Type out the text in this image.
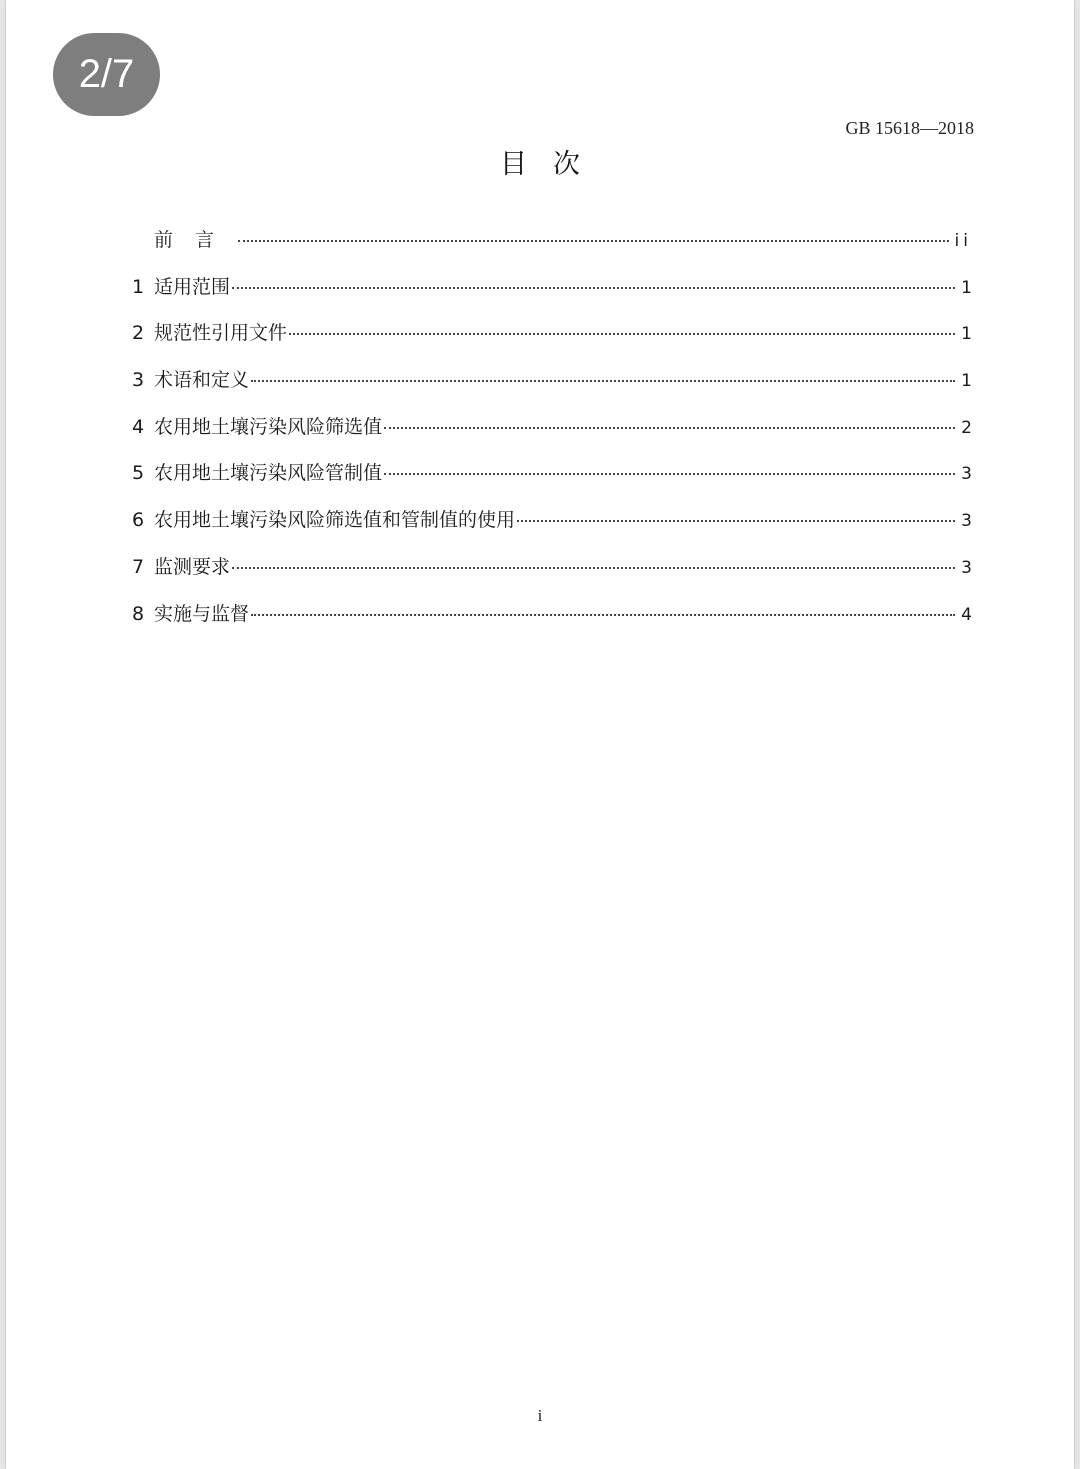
2/7
GB 15618—2018
目次
前言	ii
1 适用范围	1
2 规范性引用文件	1
3 术语和定义	1
4 农用地土壤污染风险筛选值	2
5 农用地土壤污染风险管制值	3
6 农用地土壤污染风险筛选值和管制值的使用	3
7 监测要求	3
8 实施与监督	4
i
